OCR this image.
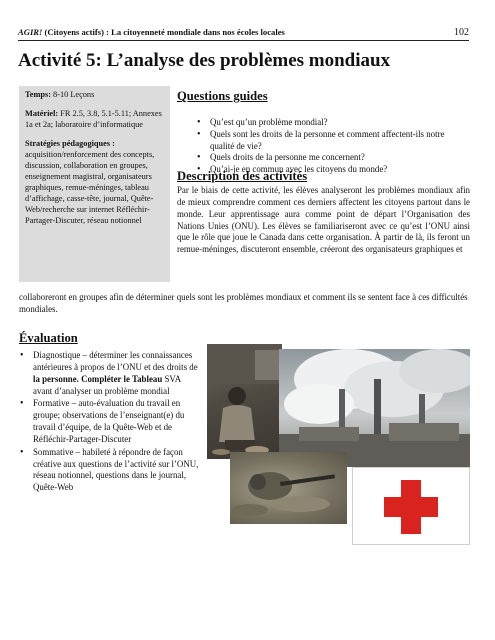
AGIR! (Citoyens actifs) : La citoyenneté mondiale dans nos écoles locales	102
Activité 5: L’analyse des problèmes mondiaux

Temps: 8-10 Leçons

Matériel: FR 2.5, 3.8, 5.1-5.11; Annexes 1a et 2a; laboratoire d’informatique

Stratégies pédagogiques :
acquisition/renforcement des concepts, discussion, collaboration en groupes, enseignement magistral, organisateurs graphiques, remue-méninges, tableau d’affichage, casse-tête, journal, Quête-Web/recherche sur internet Réfléchir-Partager-Discuter, réseau notionnel

Questions guides
• Qu’est qu’un problème mondial?
• Quels sont les droits de la personne et comment affectent-ils notre qualité de vie?
• Quels droits de la personne me concernent?
• Qu’ai-je en commun avec les citoyens du monde?
Description des activités

Par le biais de cette activité, les élèves analyseront les problèmes mondiaux afin de mieux comprendre comment ces derniers affectent les citoyens partout dans le monde. Leur apprentissage aura comme point de départ l’Organisation des Nations Unies (ONU). Les élèves se familiariseront avec ce qu’est l’ONU ainsi que le rôle que joue le Canada dans cette organisation. À partir de là, ils feront un remue-méninges, discuteront ensemble, créeront des organisateurs graphiques et

collaboreront en groupes afin de déterminer quels sont les problèmes mondiaux et comment ils se sentent face à ces difficultés mondiales.

Évaluation
• Diagnostique – déterminer les connaissances antérieures à propos de l’ONU et des droits de la personne. Compléter le Tableau SVA avant d’analyser un problème mondial
• Formative – auto-évaluation du travail en groupe; observations de l’enseignant(e) du travail d’équipe, de la Quête-Web et de Réfléchir-Partager-Discuter
• Sommative – habileté à répondre de façon créative aux questions de l’activité sur l’ONU, réseau notionnel, questions dans le journal, Quête-Web
